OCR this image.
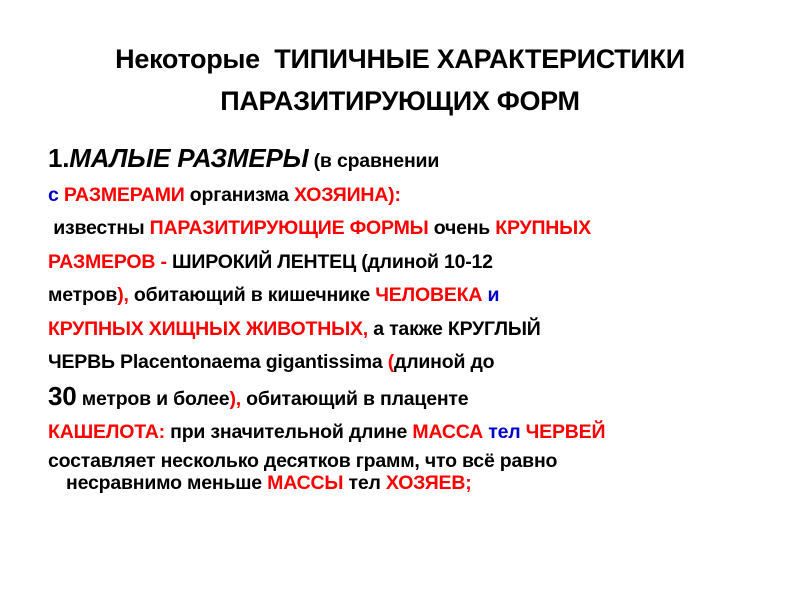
Некоторые  ТИПИЧНЫЕ ХАРАКТЕРИСТИКИ
ПАРАЗИТИРУЮЩИХ ФОРМ
1.МАЛЫЕ РАЗМЕРЫ (в сравнении
с РАЗМЕРАМИ организма ХОЗЯИНА):
известны ПАРАЗИТИРУЮЩИЕ ФОРМЫ очень КРУПНЫХ
РАЗМЕРОВ - ШИРОКИЙ ЛЕНТЕЦ (длиной 10-12
метров), обитающий в кишечнике ЧЕЛОВЕКА и
КРУПНЫХ ХИЩНЫХ ЖИВОТНЫХ, а также КРУГЛЫЙ
ЧЕРВЬ Placentonaema gigantissima (длиной до
30 метров и более), обитающий в плаценте
КАШЕЛОТА: при значительной длине МАССА тел ЧЕРВЕЙ
составляет несколько десятков грамм, что всё равно
несравнимо меньше МАССЫ тел ХОЗЯЕВ;
